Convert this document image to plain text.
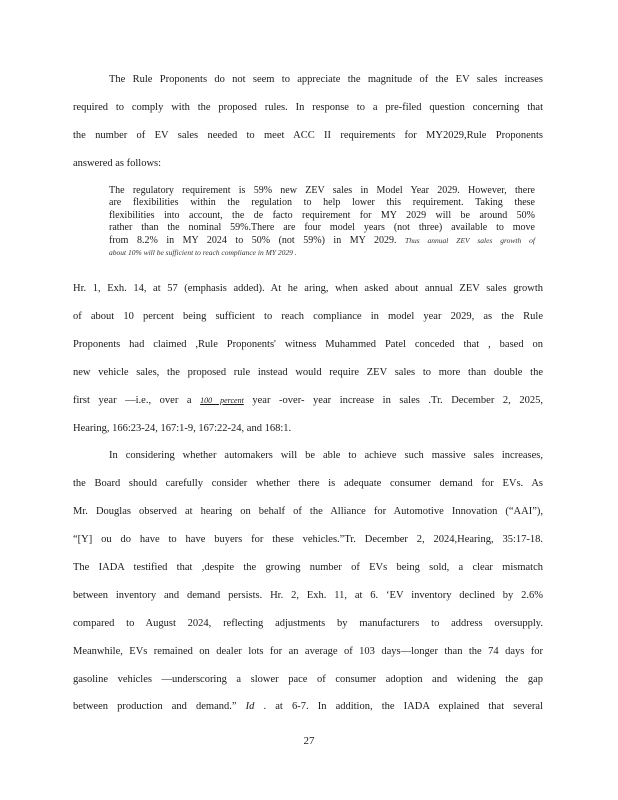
The Rule Proponents do not seem to appreciate the magnitude of the EV sales increases
required to comply with the proposed rules. In response to a pre-filed question concerning that
the number of EV sales needed to meet ACC II requirements for MY2029,Rule Proponents
answered as follows:
The regulatory requirement is 59% new ZEV sales in Model Year 2029. However, there
are flexibilities within the regulation to help lower this requirement. Taking these
flexibilities into account, the de facto requirement for MY 2029 will be around 50%
rather than the nominal 59%.There are four model years (not three) available to move
from 8.2% in MY 2024 to 50% (not 59%) in MY 2029. Thus annual ZEV sales growth of
about 10% will be sufficient to reach compliance in MY 2029 .
Hr. 1, Exh. 14, at 57 (emphasis added). At he aring, when asked about annual ZEV sales growth
of about 10 percent being sufficient to reach compliance in model year 2029, as the Rule
Proponents had claimed ,Rule Proponents' witness Muhammed Patel conceded that , based on
new vehicle sales, the proposed rule instead would require ZEV sales to more than double the
first year —i.e., over a 100 percent year -over- year increase in sales .Tr. December 2, 2025,
Hearing, 166:23-24, 167:1-9, 167:22-24, and 168:1.
In considering whether automakers will be able to achieve such massive sales increases,
the Board should carefully consider whether there is adequate consumer demand for EVs. As
Mr. Douglas observed at hearing on behalf of the Alliance for Automotive Innovation (“AAI”),
“[Y] ou do have to have buyers for these vehicles.”Tr. December 2, 2024,Hearing, 35:17-18.
The IADA testified that ,despite the growing number of EVs being sold, a clear mismatch
between inventory and demand persists. Hr. 2, Exh. 11, at 6. ‘EV inventory declined by 2.6%
compared to August 2024, reflecting adjustments by manufacturers to address oversupply.
Meanwhile, EVs remained on dealer lots for an average of 103 days—longer than the 74 days for
gasoline vehicles —underscoring a slower pace of consumer adoption and widening the gap
between production and demand.” Id . at 6-7. In addition, the IADA explained that several
27
